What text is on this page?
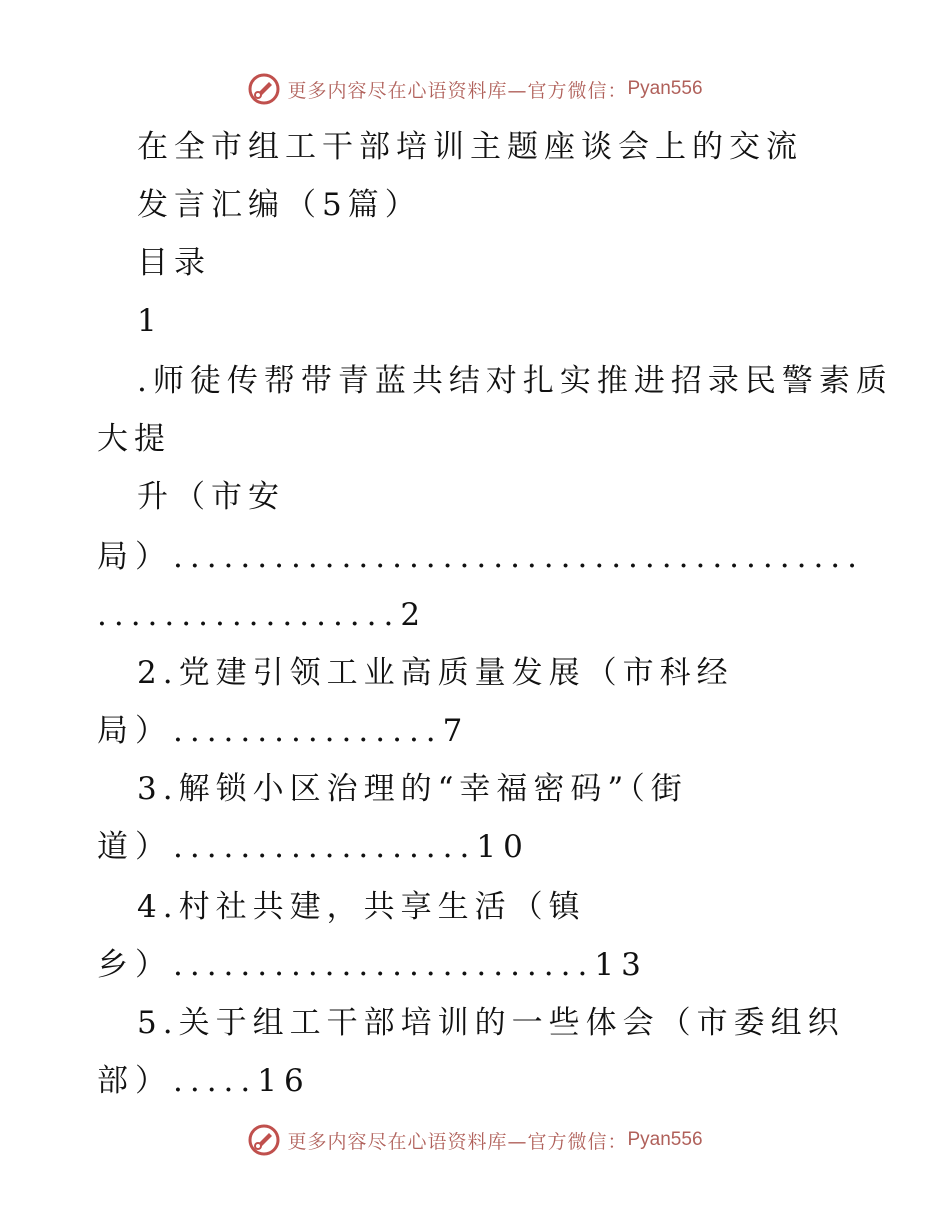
更多内容尽在心语资料库—官方微信： Pyan556
在全市组工干部培训主题座谈会上的交流
发言汇编（5篇）
目录
1
.师徒传帮带青蓝共结对扎实推进招录民警素质
大提
升（市安
局）.........................................
..................2
2.党建引领工业高质量发展（市科经
局）................7
3.解锁小区治理的“幸福密码”（街
道）..................10
4.村社共建，共享生活（镇
乡）.........................13
5.关于组工干部培训的一些体会（市委组织
部）.....16
更多内容尽在心语资料库—官方微信： Pyan556
